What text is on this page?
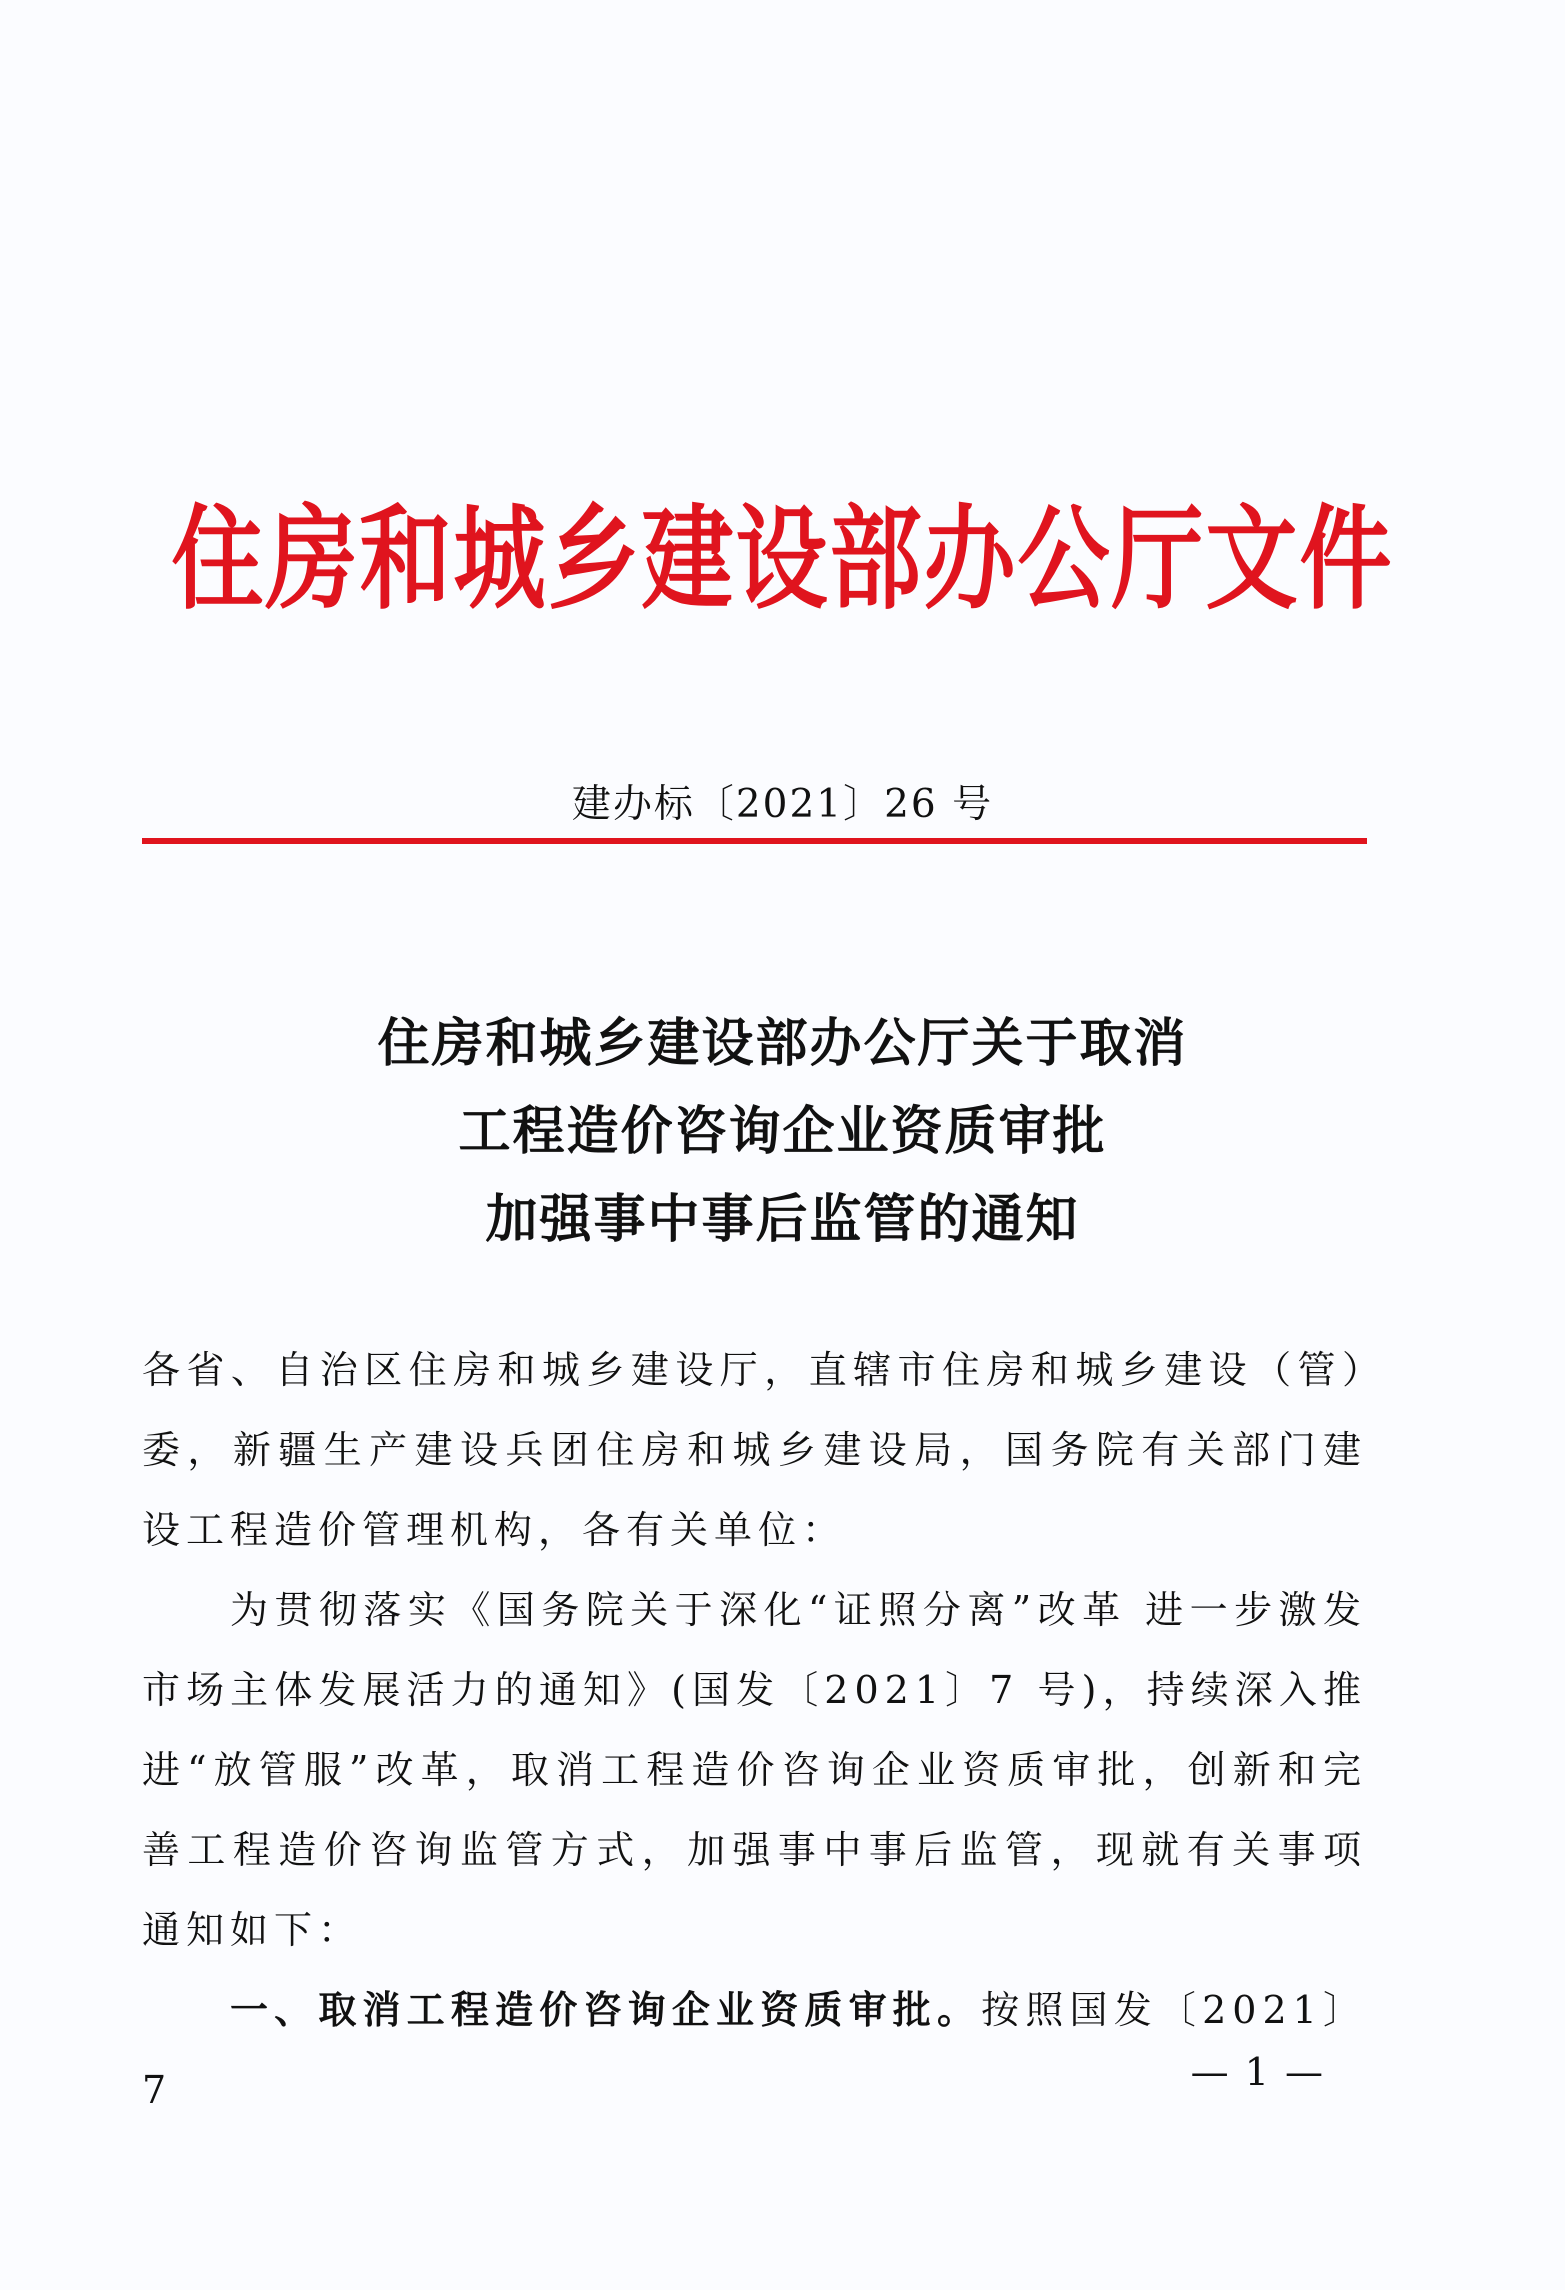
住房和城乡建设部办公厅文件
建办标〔2021〕26 号
住房和城乡建设部办公厅关于取消
工程造价咨询企业资质审批
加强事中事后监管的通知

各省、自治区住房和城乡建设厅，直辖市住房和城乡建设（管）委，新疆生产建设兵团住房和城乡建设局，国务院有关部门建设工程造价管理机构，各有关单位：

为贯彻落实《国务院关于深化“证照分离”改革 进一步激发市场主体发展活力的通知》(国发〔2021〕7 号)，持续深入推进“放管服”改革，取消工程造价咨询企业资质审批，创新和完善工程造价咨询监管方式，加强事中事后监管，现就有关事项通知如下：

一、取消工程造价咨询企业资质审批。按照国发〔2021〕7	— 1 —
